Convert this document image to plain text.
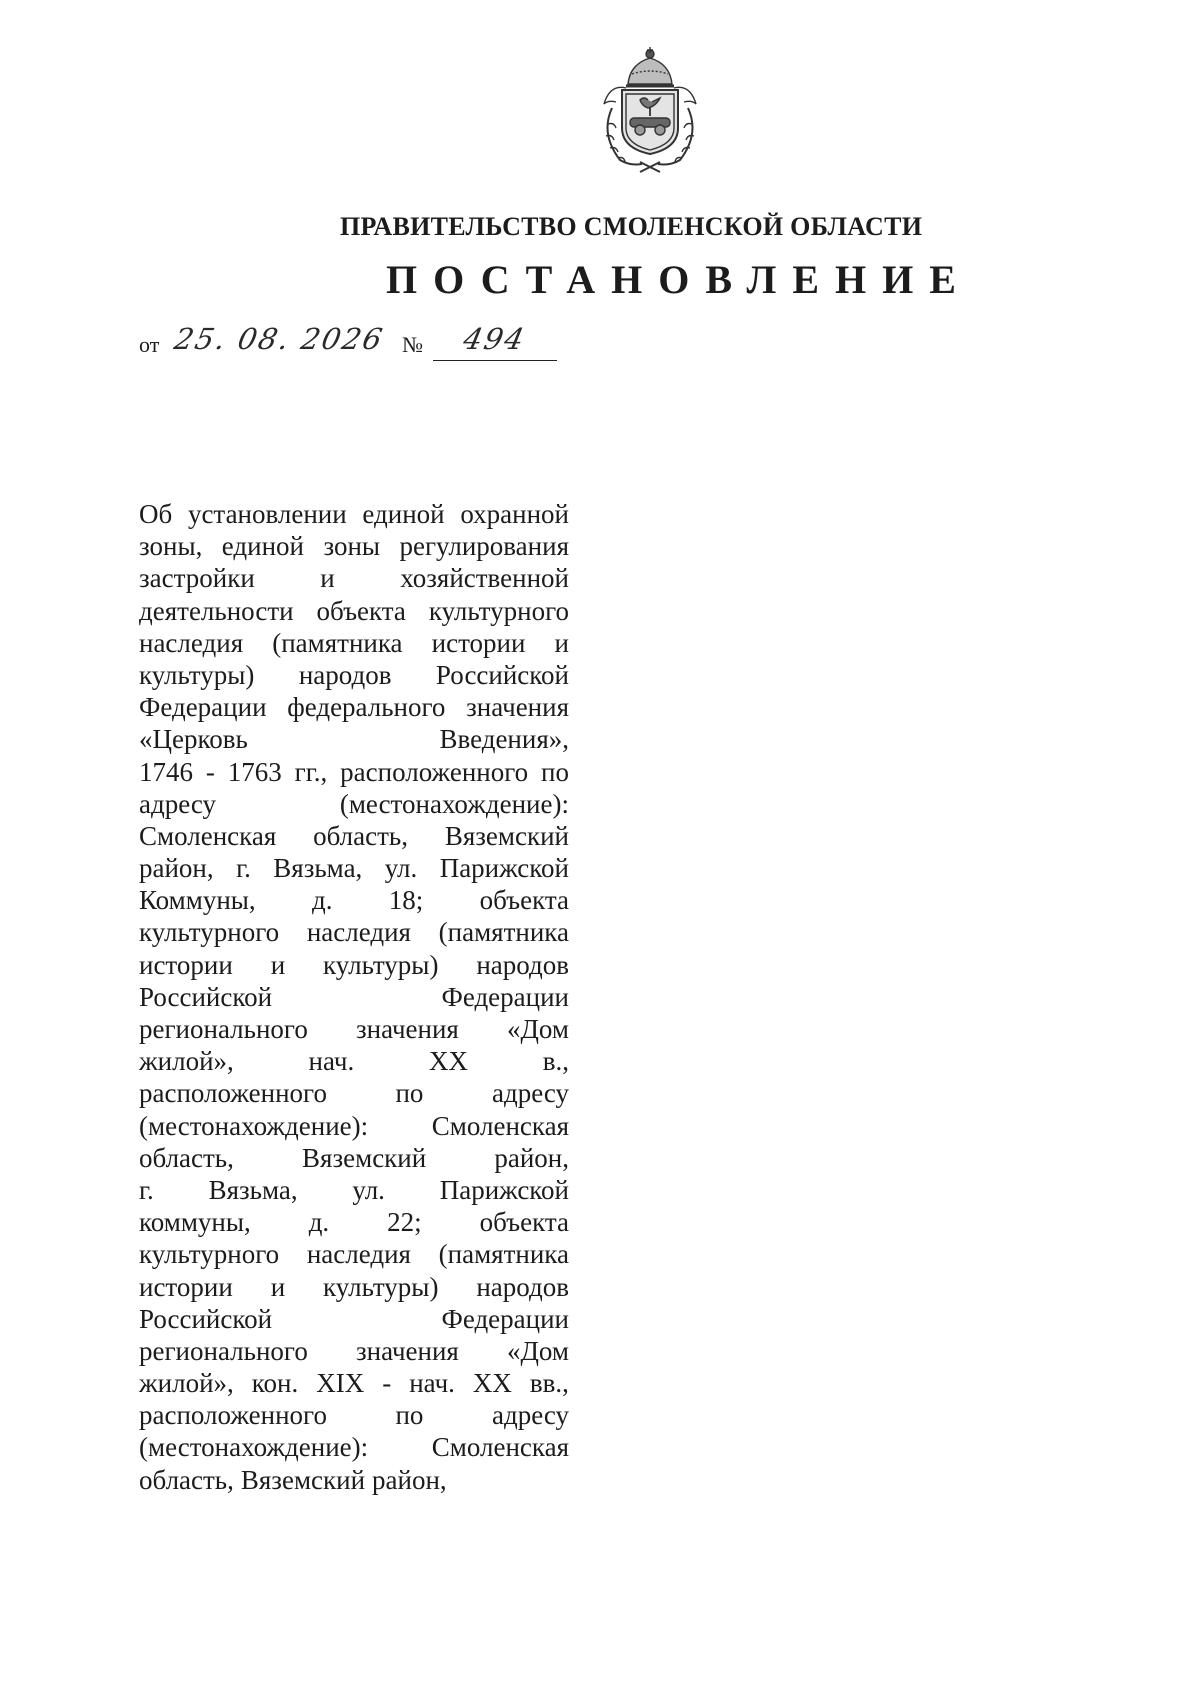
ПРАВИТЕЛЬСТВО СМОЛЕНСКОЙ ОБЛАСТИ
ПОСТАНОВЛЕНИЕ
от 25. 08. 2026 № 494
Об установлении единой охранной
зоны, единой зоны регулирования
застройки и хозяйственной
деятельности объекта культурного
наследия (памятника истории и
культуры) народов Российской
Федерации федерального значения
«Церковь	Введения»,
1746 - 1763 гг., расположенного по
адресу	(местонахождение):
Смоленская область, Вяземский
район, г. Вязьма, ул. Парижской
Коммуны, д. 18; объекта
культурного наследия (памятника
истории и культуры) народов
Российской	Федерации
регионального значения «Дом
жилой»,	нач.	XX	в.,
расположенного	по	адресу
(местонахождение): Смоленская
область,	Вяземский	район,
г. Вязьма, ул. Парижской
коммуны, д. 22; объекта
культурного наследия (памятника
истории и культуры) народов
Российской	Федерации
регионального значения «Дом
жилой», кон. XIX - нач. XX вв.,
расположенного	по	адресу
(местонахождение): Смоленская
область, Вяземский район,
